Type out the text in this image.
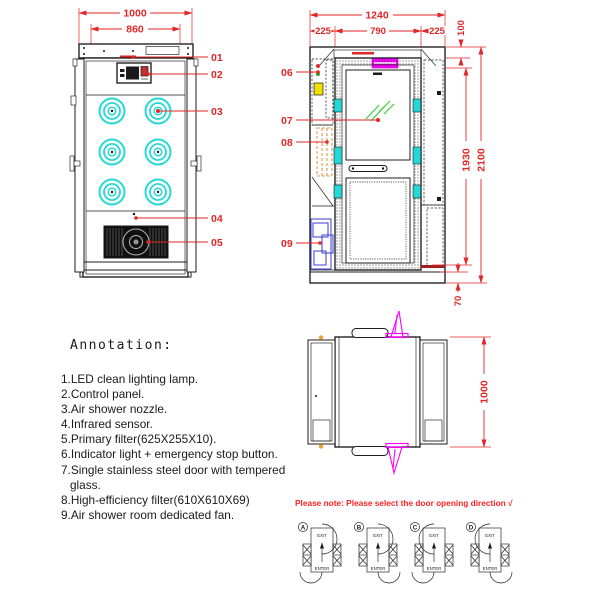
1000
860
01
02
03
04
05
1240
225	790	225 100
1930 2100
70
06
07
08
09
1000
A
EXIT
ENTER
B
EXIT
ENTER
C
EXIT
ENTER
D
EXIT
ENTER
Annotation:
1.LED clean lighting lamp.
2.Control panel.
3.Air shower nozzle.
4.Infrared sensor.
5.Primary filter(625X255X10).
6.Indicator light + emergency stop button.
7.Single stainless steel door with tempered
glass.
8.High-efficiency filter(610X610X69)
9.Air shower room dedicated fan.
Please note: Please select the door opening direction √
